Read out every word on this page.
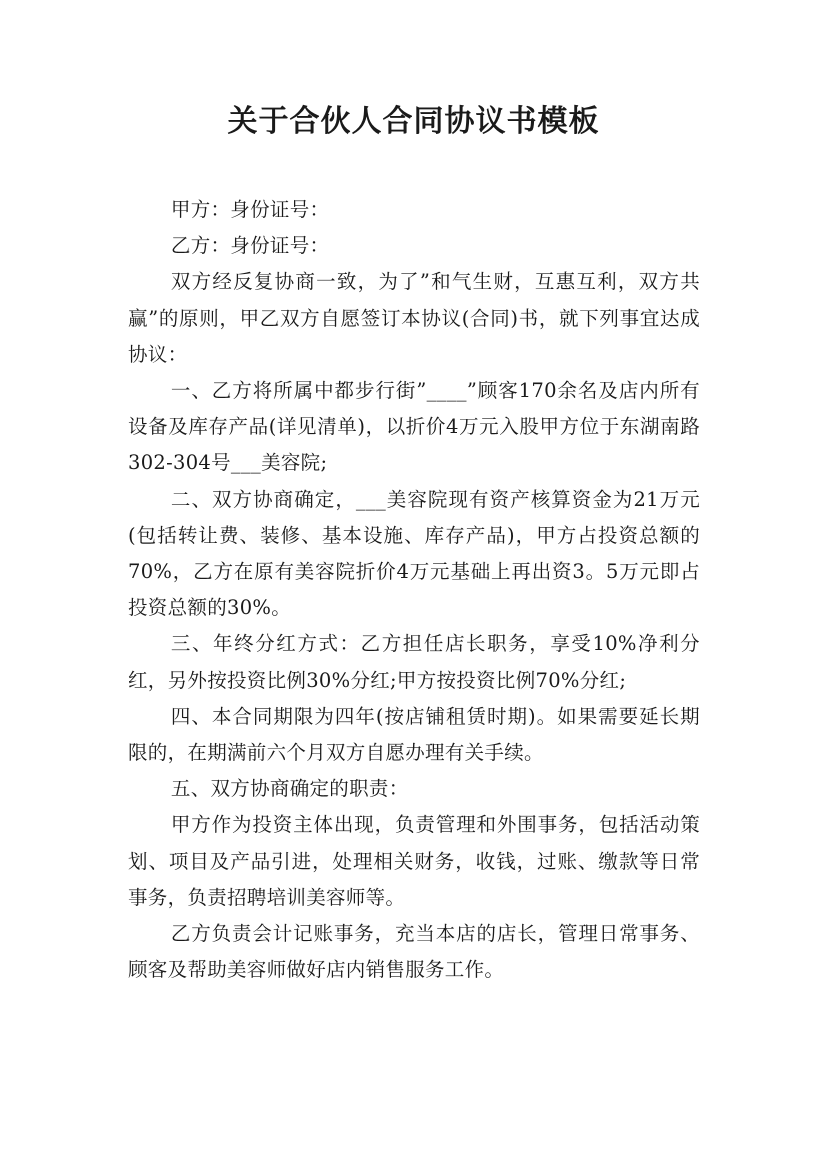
关于合伙人合同协议书模板

甲方：身份证号：

乙方：身份证号：

双方经反复协商一致，为了”和气生财，互惠互利，双方共赢”的原则，甲乙双方自愿签订本协议(合同)书，就下列事宜达成协议：

一、乙方将所属中都步行街”____”顾客170余名及店内所有设备及库存产品(详见清单)，以折价4万元入股甲方位于东湖南路302-304号___美容院;

二、双方协商确定，___美容院现有资产核算资金为21万元(包括转让费、装修、基本设施、库存产品)，甲方占投资总额的70%，乙方在原有美容院折价4万元基础上再出资3。5万元即占投资总额的30%。

三、年终分红方式：乙方担任店长职务，享受10%净利分红，另外按投资比例30%分红;甲方按投资比例70%分红;

四、本合同期限为四年(按店铺租赁时期)。如果需要延长期限的，在期满前六个月双方自愿办理有关手续。

五、双方协商确定的职责：

甲方作为投资主体出现，负责管理和外围事务，包括活动策划、项目及产品引进，处理相关财务，收钱，过账、缴款等日常事务，负责招聘培训美容师等。

乙方负责会计记账事务，充当本店的店长，管理日常事务、顾客及帮助美容师做好店内销售服务工作。
